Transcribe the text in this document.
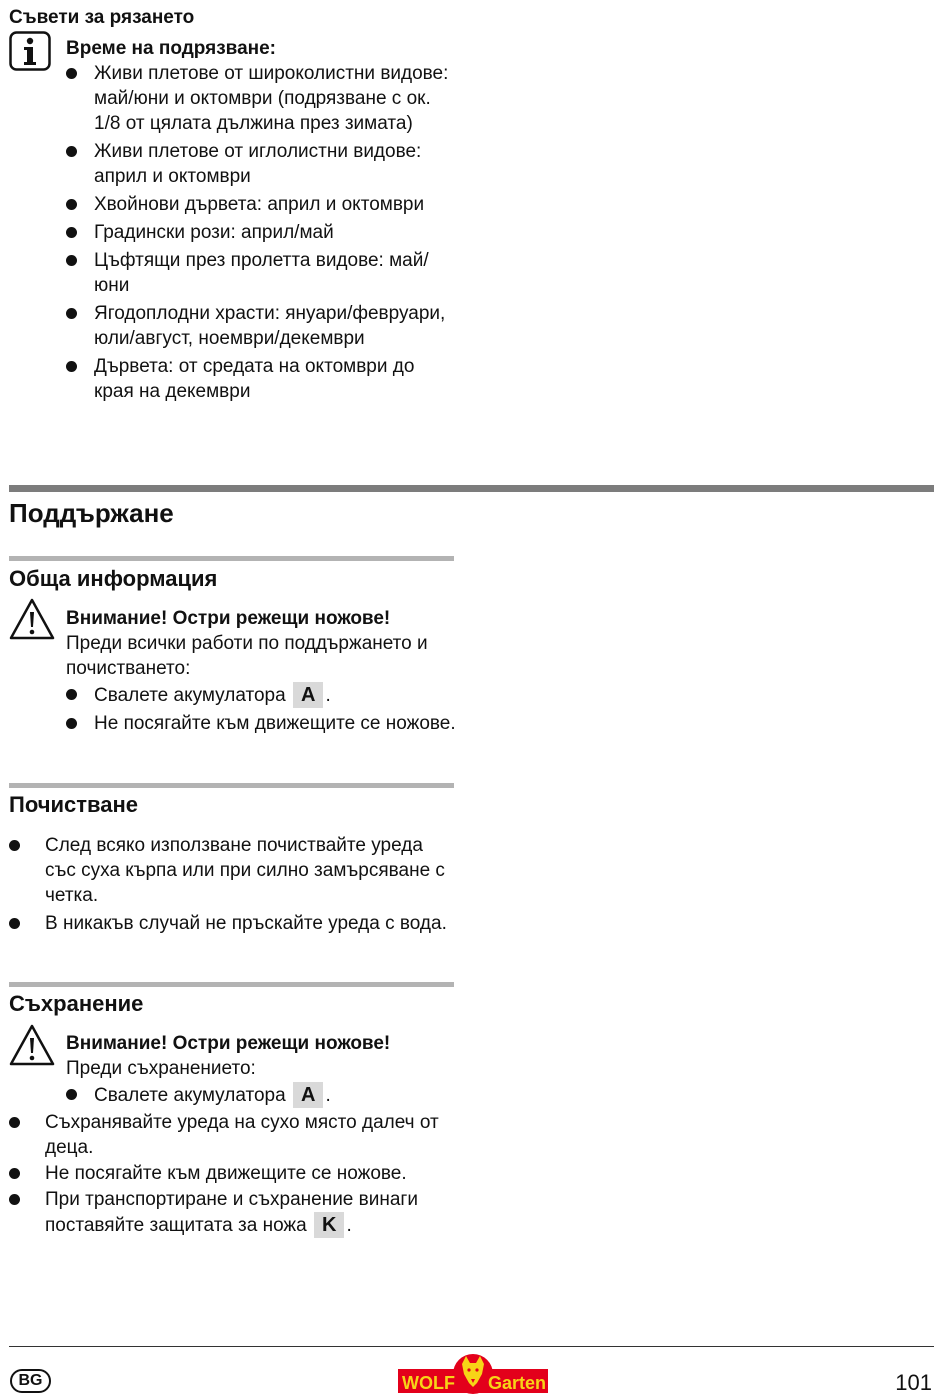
Съвети за рязането
Време на подрязване:
Живи плетове от широколистни видове: май/юни и октомври (подрязване с ок. 1/8 от цялата дължина през зимата)
Живи плетове от иглолистни видове: април и октомври
Хвойнови дървета: април и октомври
Градински рози: април/май
Цъфтящи през пролетта видове: май/юни
Ягодоплодни храсти: януари/февруари, юли/август, ноември/декември
Дървета: от средата на октомври до края на декември
Поддържане
Обща информация
Внимание! Остри режещи ножове!
Преди всички работи по поддържането и почистването:
Свалете акумулатора A .
Не посягайте към движещите се ножове.
Почистване
След всяко използване почиствайте уреда със суха кърпа или при силно замърсяване с четка.
В никакъв случай не пръскайте уреда с вода.
Съхранение
Внимание! Остри режещи ножове!
Преди съхранението:
Свалете акумулатора A .
Съхранявайте уреда на сухо място далеч от деца.
Не посягайте към движещите се ножове.
При транспортиране и съхранение винаги поставяйте защитата за ножа K .
BG	WOLF Garten	101
